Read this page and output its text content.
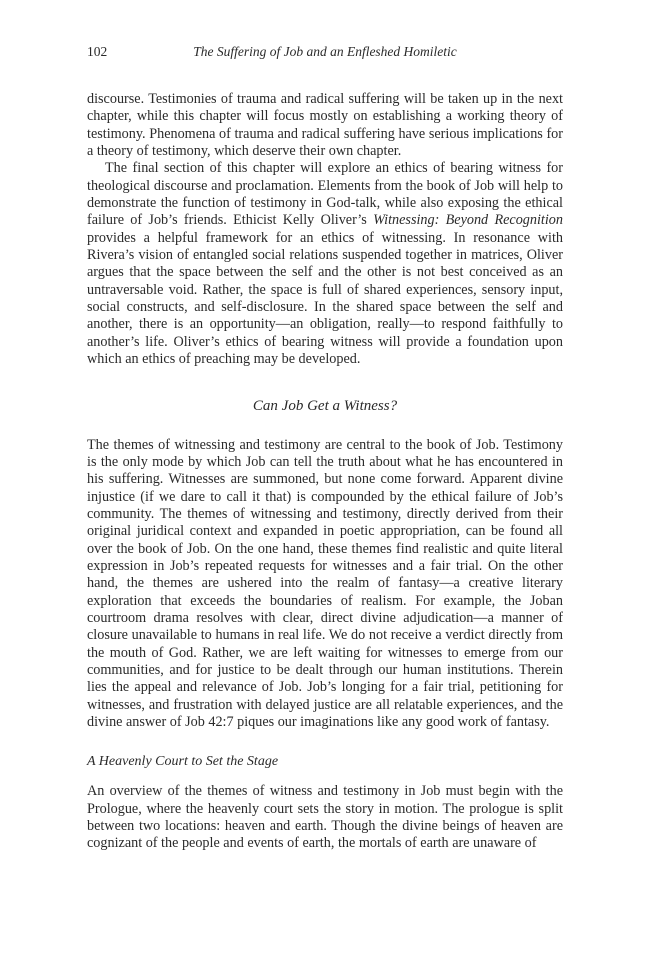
102	The Suffering of Job and an Enfleshed Homiletic

discourse. Testimonies of trauma and radical suffering will be taken up in the next chapter, while this chapter will focus mostly on establishing a working theory of testimony. Phenomena of trauma and radical suffering have serious implications for a theory of testimony, which deserve their own chapter.

The final section of this chapter will explore an ethics of bearing witness for theological discourse and proclamation. Elements from the book of Job will help to demonstrate the function of testimony in God-talk, while also exposing the ethical failure of Job’s friends. Ethicist Kelly Oliver’s Witnessing: Beyond Recognition provides a helpful framework for an ethics of witnessing. In resonance with Rivera’s vision of entangled social relations suspended together in matrices, Oliver argues that the space between the self and the other is not best conceived as an untraversable void. Rather, the space is full of shared experiences, sensory input, social constructs, and self-disclosure. In the shared space between the self and another, there is an opportunity—an obligation, really—to respond faithfully to another’s life. Oliver’s ethics of bearing witness will provide a foundation upon which an ethics of preaching may be developed.

Can Job Get a Witness?

The themes of witnessing and testimony are central to the book of Job. Testimony is the only mode by which Job can tell the truth about what he has encountered in his suffering. Witnesses are summoned, but none come forward. Apparent divine injustice (if we dare to call it that) is compounded by the ethical failure of Job’s community. The themes of witnessing and testimony, directly derived from their original juridical context and expanded in poetic appropriation, can be found all over the book of Job. On the one hand, these themes find realistic and quite literal expression in Job’s repeated requests for witnesses and a fair trial. On the other hand, the themes are ushered into the realm of fantasy—a creative literary exploration that exceeds the boundaries of realism. For example, the Joban courtroom drama resolves with clear, direct divine adjudication—a manner of closure unavailable to humans in real life. We do not receive a verdict directly from the mouth of God. Rather, we are left waiting for witnesses to emerge from our communities, and for justice to be dealt through our human institutions. Therein lies the appeal and relevance of Job. Job’s longing for a fair trial, petitioning for witnesses, and frustration with delayed justice are all relatable experiences, and the divine answer of Job 42:7 piques our imaginations like any good work of fantasy.

A Heavenly Court to Set the Stage

An overview of the themes of witness and testimony in Job must begin with the Prologue, where the heavenly court sets the story in motion. The prologue is split between two locations: heaven and earth. Though the divine beings of heaven are cognizant of the people and events of earth, the mortals of earth are unaware of
